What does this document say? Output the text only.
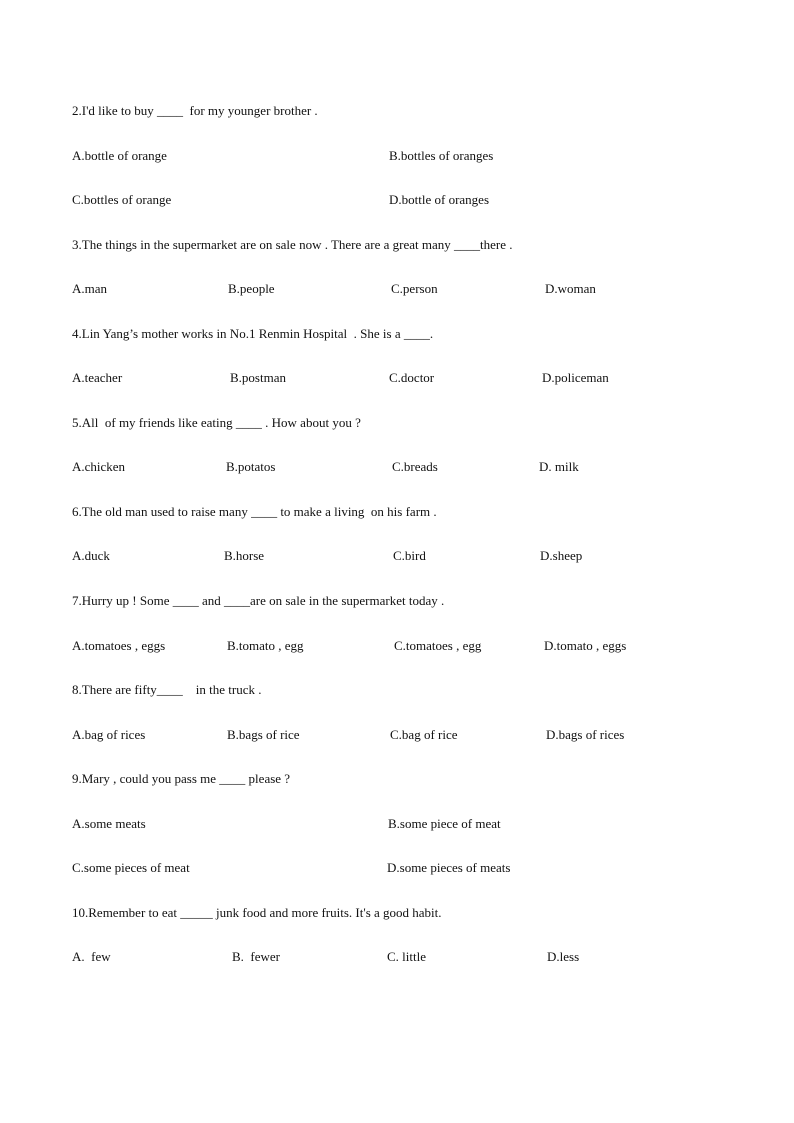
2.I'd like to buy ____  for my younger brother .
A.bottle of orange	B.bottles of oranges
C.bottles of orange	D.bottle of oranges
3.The things in the supermarket are on sale now . There are a great many ____there .
A.man	B.people	C.person	D.woman
4.Lin Yang’s mother works in No.1 Renmin Hospital  . She is a ____.
A.teacher	B.postman	C.doctor	D.policeman
5.All  of my friends like eating ____ . How about you ?
A.chicken	B.potatos	C.breads	D. milk
6.The old man used to raise many ____ to make a living  on his farm .
A.duck	B.horse	C.bird	D.sheep
7.Hurry up ! Some ____ and ____are on sale in the supermarket today .
A.tomatoes , eggs	B.tomato , egg	C.tomatoes , egg	D.tomato , eggs
8.There are fifty____    in the truck .
A.bag of rices	B.bags of rice	C.bag of rice	D.bags of rices
9.Mary , could you pass me ____ please ?
A.some meats	B.some piece of meat
C.some pieces of meat	D.some pieces of meats
10.Remember to eat _____ junk food and more fruits. It's a good habit.
A.  few	B.  fewer	C. little	D.less
